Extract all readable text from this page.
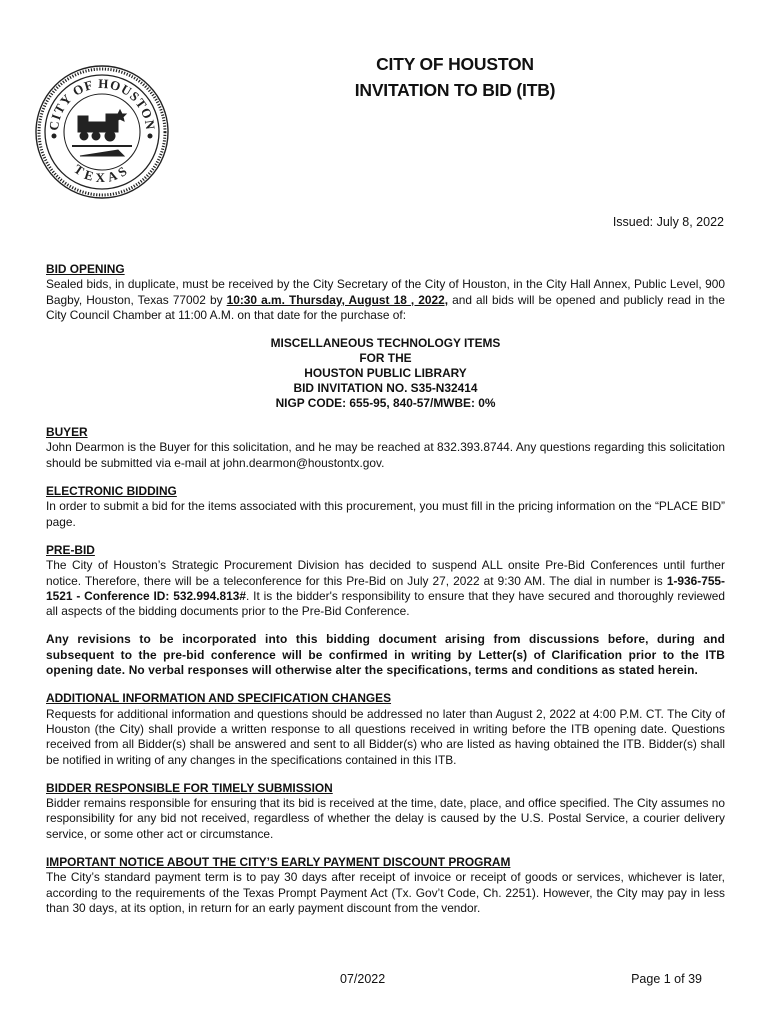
CITY OF HOUSTON
TEXAS
CITY OF HOUSTON
INVITATION TO BID (ITB)
Issued: July 8, 2022

BID OPENING

Sealed bids, in duplicate, must be received by the City Secretary of the City of Houston, in the City Hall Annex, Public Level, 900 Bagby, Houston, Texas 77002 by 10:30 a.m. Thursday, August 18 , 2022, and all bids will be opened and publicly read in the City Council Chamber at 11:00 A.M. on that date for the purchase of:

MISCELLANEOUS TECHNOLOGY ITEMS
FOR THE
HOUSTON PUBLIC LIBRARY
BID INVITATION NO. S35-N32414
NIGP CODE: 655-95, 840-57/MWBE: 0%

BUYER

John Dearmon is the Buyer for this solicitation, and he may be reached at 832.393.8744. Any questions regarding this solicitation should be submitted via e-mail at john.dearmon@houstontx.gov.

ELECTRONIC BIDDING

In order to submit a bid for the items associated with this procurement, you must fill in the pricing information on the “PLACE BID” page.

PRE-BID

The City of Houston’s Strategic Procurement Division has decided to suspend ALL onsite Pre-Bid Conferences until further notice. Therefore, there will be a teleconference for this Pre-Bid on July 27, 2022 at 9:30 AM. The dial in number is 1-936-755-1521 - Conference ID: 532.994.813#. It is the bidder's responsibility to ensure that they have secured and thoroughly reviewed all aspects of the bidding documents prior to the Pre-Bid Conference.

Any revisions to be incorporated into this bidding document arising from discussions before, during and subsequent to the pre-bid conference will be confirmed in writing by Letter(s) of Clarification prior to the ITB opening date. No verbal responses will otherwise alter the specifications, terms and conditions as stated herein.

ADDITIONAL INFORMATION AND SPECIFICATION CHANGES

Requests for additional information and questions should be addressed no later than August 2, 2022 at 4:00 P.M. CT. The City of Houston (the City) shall provide a written response to all questions received in writing before the ITB opening date. Questions received from all Bidder(s) shall be answered and sent to all Bidder(s) who are listed as having obtained the ITB. Bidder(s) shall be notified in writing of any changes in the specifications contained in this ITB.

BIDDER RESPONSIBLE FOR TIMELY SUBMISSION

Bidder remains responsible for ensuring that its bid is received at the time, date, place, and office specified. The City assumes no responsibility for any bid not received, regardless of whether the delay is caused by the U.S. Postal Service, a courier delivery service, or some other act or circumstance.

IMPORTANT NOTICE ABOUT THE CITY’S EARLY PAYMENT DISCOUNT PROGRAM

The City’s standard payment term is to pay 30 days after receipt of invoice or receipt of goods or services, whichever is later, according to the requirements of the Texas Prompt Payment Act (Tx. Gov’t Code, Ch. 2251). However, the City may pay in less than 30 days, at its option, in return for an early payment discount from the vendor.

07/2022	Page 1 of 39
